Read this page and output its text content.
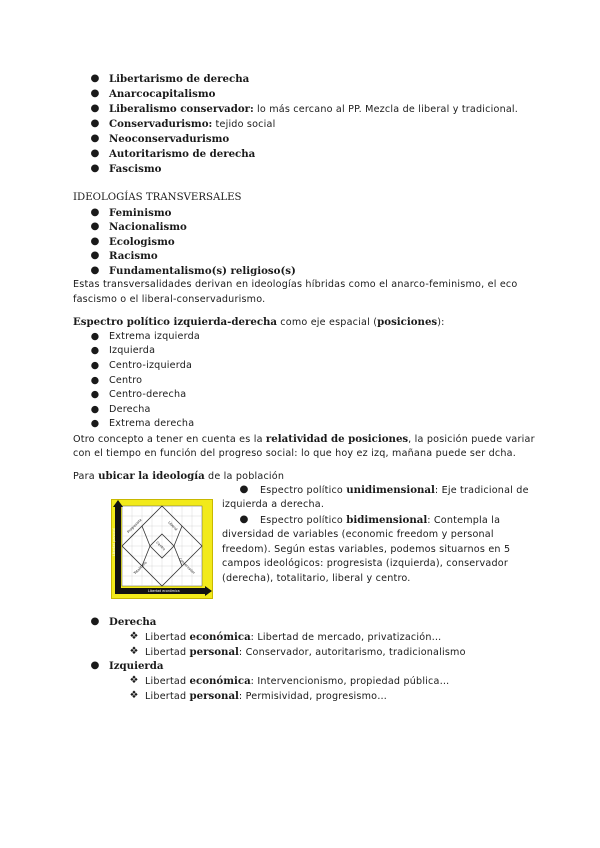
● Libertarismo de derecha
● Anarcocapitalismo
● Liberalismo conservador: lo más cercano al PP. Mezcla de liberal y tradicional.
● Conservadurismo: tejido social
● Neoconservadurismo
● Autoritarismo de derecha
● Fascismo
IDEOLOGÍAS TRANSVERSALES
● Feminismo
● Nacionalismo
● Ecologismo
● Racismo
● Fundamentalismo(s) religioso(s)
Estas transversalidades derivan en ideologías híbridas como el anarco-feminismo, el eco
fascismo o el liberal-conservadurismo.
Espectro político izquierda-derecha como eje espacial (posiciones):
● Extrema izquierda
● Izquierda
● Centro-izquierda
● Centro
● Centro-derecha
● Derecha
● Extrema derecha
Otro concepto a tener en cuenta es la relatividad de posiciones, la posición puede variar
con el tiempo en función del progreso social: lo que hoy ez izq, mañana puede ser dcha.
Para ubicar la ideología de la población
Liberal
Progresista
Centro
Conservador
Totalitario
Libertad personal
Libertad económica
● Espectro político unidimensional: Eje tradicional de
izquierda a derecha.
● Espectro político bidimensional: Contempla la
diversidad de variables (economic freedom y personal
freedom). Según estas variables, podemos situarnos en 5
campos ideológicos: progresista (izquierda), conservador
(derecha), totalitario, liberal y centro.
● Derecha
❖ Libertad económica: Libertad de mercado, privatización…
❖ Libertad personal: Conservador, autoritarismo, tradicionalismo
● Izquierda
❖ Libertad económica: Intervencionismo, propiedad pública…
❖ Libertad personal: Permisividad, progresismo…
